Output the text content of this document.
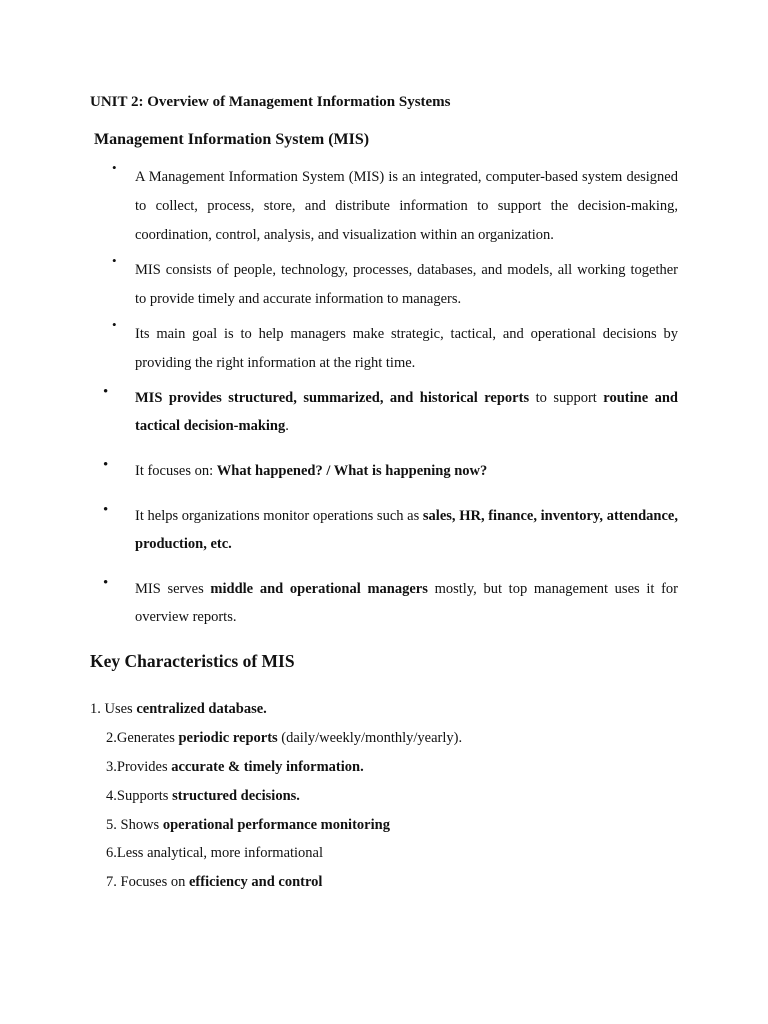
UNIT 2: Overview of Management Information Systems
Management Information System (MIS)
•
A Management Information System (MIS) is an integrated, computer-based system designed to collect, process, store, and distribute information to support the decision-making, coordination, control, analysis, and visualization within an organization.
•
MIS consists of people, technology, processes, databases, and models, all working together to provide timely and accurate information to managers.
•
Its main goal is to help managers make strategic, tactical, and operational decisions by providing the right information at the right time.
• MIS provides structured, summarized, and historical reports to support routine and tactical decision-making.
• It focuses on: What happened? / What is happening now?
• It helps organizations monitor operations such as sales, HR, finance, inventory, attendance, production, etc.
• MIS serves middle and operational managers mostly, but top management uses it for overview reports.
Key Characteristics of MIS
1. Uses centralized database.
2.Generates periodic reports (daily/weekly/monthly/yearly).
3.Provides accurate & timely information.
4.Supports structured decisions.
5. Shows operational performance monitoring
6.Less analytical, more informational
7. Focuses on efficiency and control
